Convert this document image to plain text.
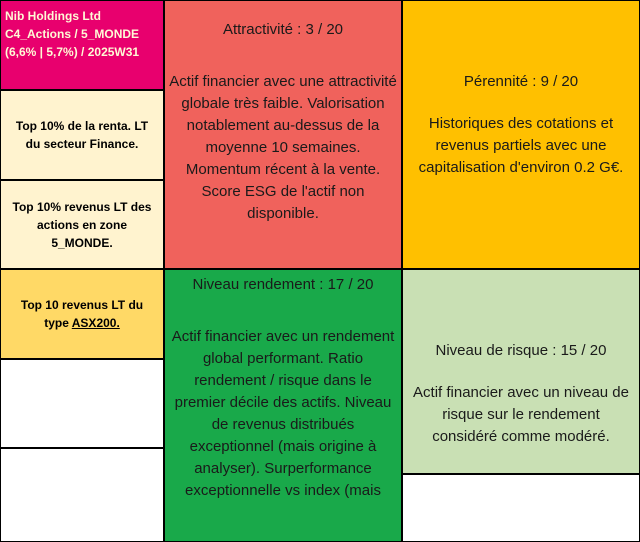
Nib Holdings Ltd
C4_Actions / 5_MONDE
(6,6% | 5,7%) / 2025W31
Top 10% de la renta. LT du secteur Finance.
Top 10% revenus LT des actions en zone 5_MONDE.
Top 10 revenus LT du type ASX200.
Attractivité : 3 / 20
Actif financier avec une attractivité globale très faible. Valorisation notablement au-dessus de la moyenne 10 semaines. Momentum récent à la vente. Score ESG de l'actif non disponible.
Pérennité : 9 / 20
Historiques des cotations et revenus partiels avec une capitalisation d'environ 0.2 G€.
Niveau rendement : 17 / 20
Actif financier avec un rendement global performant. Ratio rendement / risque dans le premier décile des actifs. Niveau de revenus distribués exceptionnel (mais origine à analyser). Surperformance exceptionnelle vs index (mais
Niveau de risque : 15 / 20
Actif financier avec un niveau de risque sur le rendement considéré comme modéré.
